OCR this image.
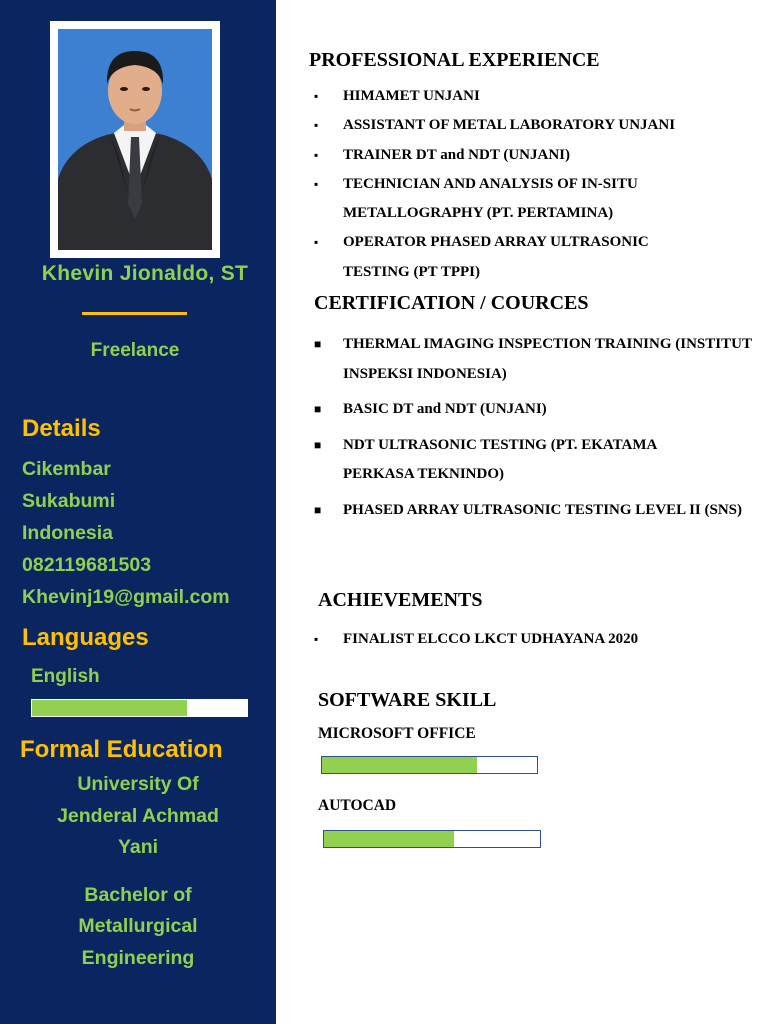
Khevin Jionaldo, ST
Freelance
Details
Cikembar
Sukabumi
Indonesia
082119681503
Khevinj19@gmail.com
Languages
English
Formal Education
University Of
Jenderal Achmad
Yani
Bachelor of
Metallurgical
Engineering
PROFESSIONAL EXPERIENCE
▪ HIMAMET UNJANI
▪ ASSISTANT OF METAL LABORATORY UNJANI
▪ TRAINER DT and NDT (UNJANI)
▪ TECHNICIAN AND ANALYSIS OF IN-SITU METALLOGRAPHY (PT. PERTAMINA)
▪ OPERATOR PHASED ARRAY ULTRASONIC TESTING (PT TPPI)
CERTIFICATION / COURCES
■ THERMAL IMAGING INSPECTION TRAINING (INSTITUT INSPEKSI INDONESIA)
■ BASIC DT and NDT (UNJANI)
■ NDT ULTRASONIC TESTING (PT. EKATAMA PERKASA TEKNINDO)
■ PHASED ARRAY ULTRASONIC TESTING LEVEL II (SNS)
ACHIEVEMENTS
▪ FINALIST ELCCO LKCT UDHAYANA 2020
SOFTWARE SKILL
MICROSOFT OFFICE
AUTOCAD
